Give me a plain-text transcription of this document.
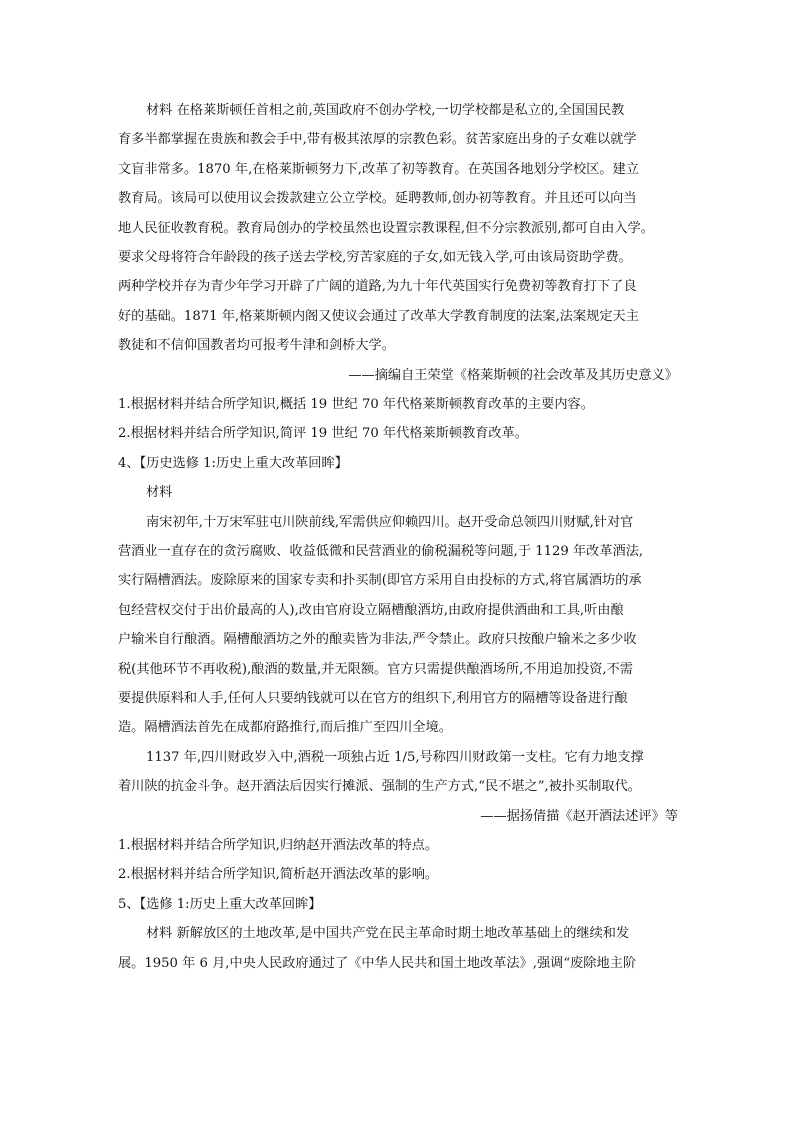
材料 在格莱斯顿任首相之前,英国政府不创办学校,一切学校都是私立的,全国国民教
育多半都掌握在贵族和教会手中,带有极其浓厚的宗教色彩。贫苦家庭出身的子女难以就学
文盲非常多。1870 年,在格莱斯顿努力下,改革了初等教育。在英国各地划分学校区。建立
教育局。该局可以使用议会拨款建立公立学校。延聘教师,创办初等教育。并且还可以向当
地人民征收教育税。教育局创办的学校虽然也设置宗教课程,但不分宗教派别,都可自由入学。
要求父母将符合年龄段的孩子送去学校,穷苦家庭的子女,如无钱入学,可由该局资助学费。
两种学校并存为青少年学习开辟了广阔的道路,为九十年代英国实行免费初等教育打下了良
好的基础。1871 年,格莱斯顿内阁又使议会通过了改革大学教育制度的法案,法案规定天主
教徒和不信仰国教者均可报考牛津和剑桥大学。
——摘编自王荣堂《格莱斯顿的社会改革及其历史意义》
1.根据材料并结合所学知识,概括 19 世纪 70 年代格莱斯顿教育改革的主要内容。
2.根据材料并结合所学知识,简评 19 世纪 70 年代格莱斯顿教育改革。
4、【历史选修 1:历史上重大改革回眸】
材料
南宋初年,十万宋军驻屯川陕前线,军需供应仰赖四川。赵开受命总领四川财赋,针对官
营酒业一直存在的贪污腐败、收益低微和民营酒业的偷税漏税等问题,于 1129 年改革酒法,
实行隔槽酒法。废除原来的国家专卖和扑买制(即官方采用自由投标的方式,将官属酒坊的承
包经营权交付于出价最高的人),改由官府设立隔槽酿酒坊,由政府提供酒曲和工具,听由酿
户输米自行酿酒。隔槽酿酒坊之外的酿卖皆为非法,严令禁止。政府只按酿户输米之多少收
税(其他环节不再收税),酿酒的数量,并无限额。官方只需提供酿酒场所,不用追加投资,不需
要提供原料和人手,任何人只要纳钱就可以在官方的组织下,利用官方的隔槽等设备进行酿
造。隔槽酒法首先在成都府路推行,而后推广至四川全境。
1137 年,四川财政岁入中,酒税一项独占近 1/5,号称四川财政第一支柱。它有力地支撑
着川陕的抗金斗争。赵开酒法后因实行摊派、强制的生产方式,“民不堪之”,被扑买制取代。
——据扬倩描《赵开酒法述评》等
1.根据材料并结合所学知识,归纳赵开酒法改革的特点。
2.根据材料并结合所学知识,简析赵开酒法改革的影响。
5、【选修 1:历史上重大改革回眸】
材料 新解放区的土地改革,是中国共产党在民主革命时期土地改革基础上的继续和发
展。1950 年 6 月,中央人民政府通过了《中华人民共和国土地改革法》,强调“废除地主阶
